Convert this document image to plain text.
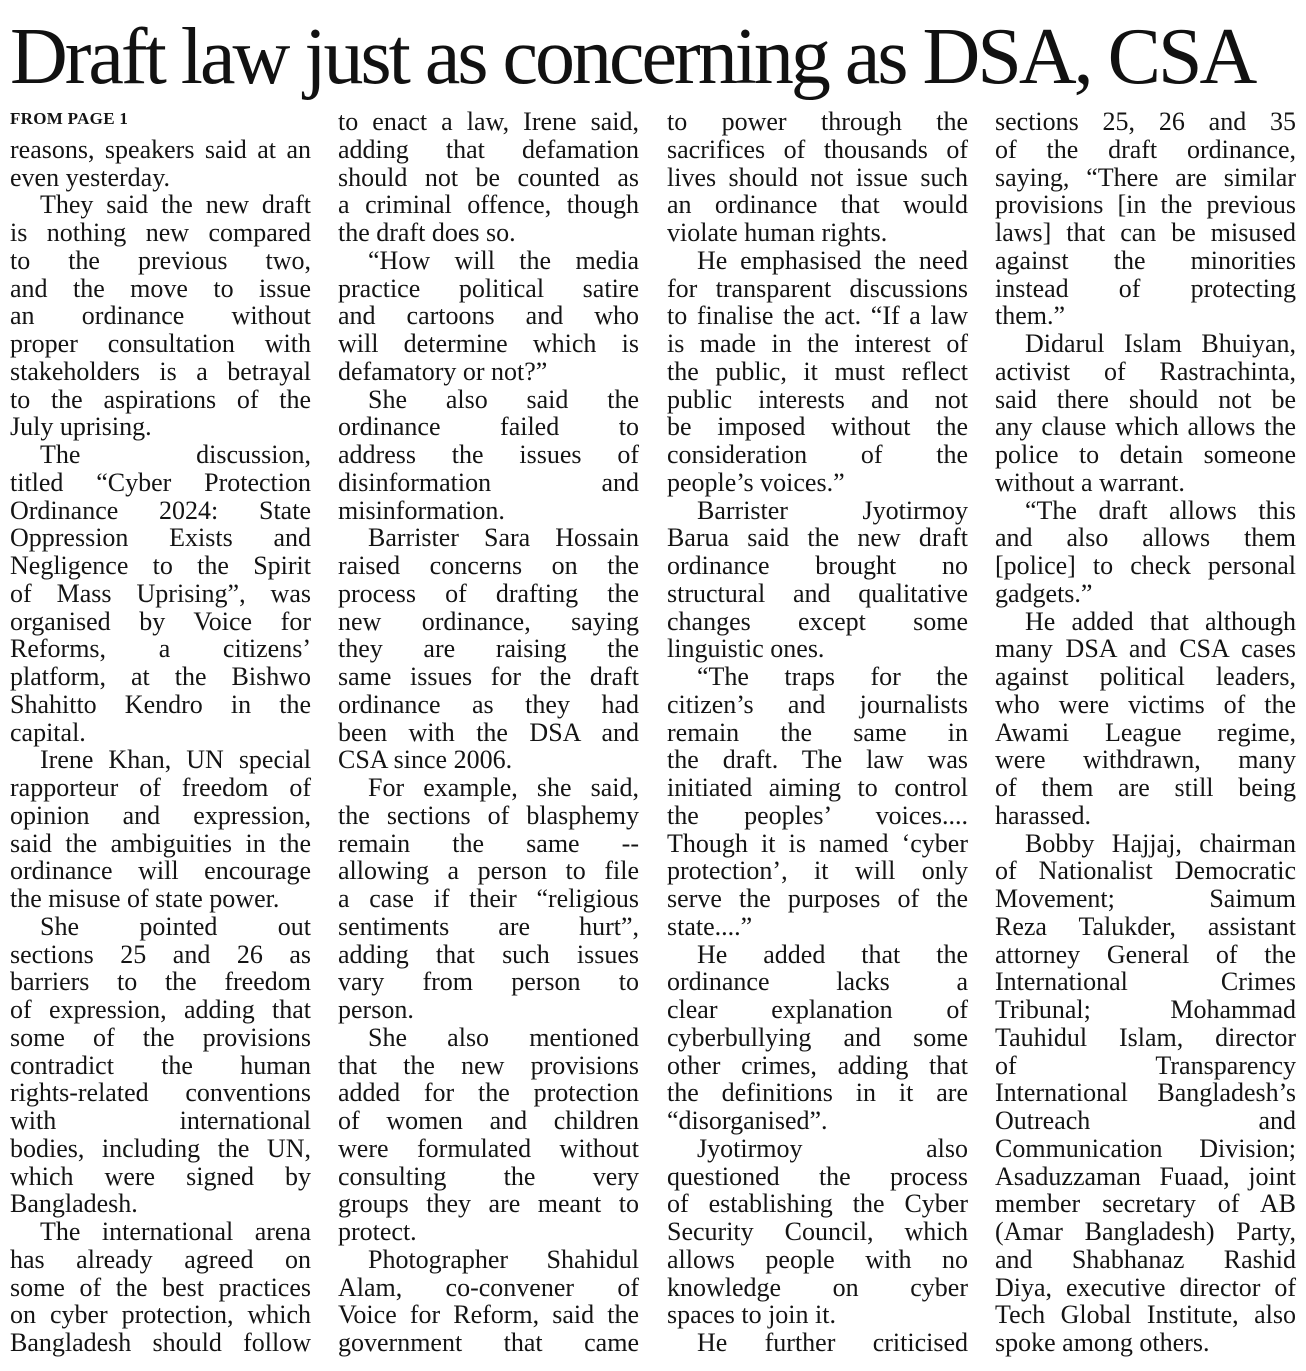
Draft law just as concerning as DSA, CSA
FROM PAGE 1
reasons, speakers said at an
even yesterday.
They said the new draft
is nothing new compared
to the previous two,
and the move to issue
an ordinance without
proper consultation with
stakeholders is a betrayal
to the aspirations of the
July uprising.
The discussion,
titled “Cyber Protection
Ordinance 2024: State
Oppression Exists and
Negligence to the Spirit
of Mass Uprising”, was
organised by Voice for
Reforms, a citizens’
platform, at the Bishwo
Shahitto Kendro in the
capital.
Irene Khan, UN special
rapporteur of freedom of
opinion and expression,
said the ambiguities in the
ordinance will encourage
the misuse of state power.
She pointed out
sections 25 and 26 as
barriers to the freedom
of expression, adding that
some of the provisions
contradict the human
rights-related conventions
with international
bodies, including the UN,
which were signed by
Bangladesh.
The international arena
has already agreed on
some of the best practices
on cyber protection, which
Bangladesh should follow
to enact a law, Irene said,
adding that defamation
should not be counted as
a criminal offence, though
the draft does so.
“How will the media
practice political satire
and cartoons and who
will determine which is
defamatory or not?”
She also said the
ordinance failed to
address the issues of
disinformation and
misinformation.
Barrister Sara Hossain
raised concerns on the
process of drafting the
new ordinance, saying
they are raising the
same issues for the draft
ordinance as they had
been with the DSA and
CSA since 2006.
For example, she said,
the sections of blasphemy
remain the same --
allowing a person to file
a case if their “religious
sentiments are hurt”,
adding that such issues
vary from person to
person.
She also mentioned
that the new provisions
added for the protection
of women and children
were formulated without
consulting the very
groups they are meant to
protect.
Photographer Shahidul
Alam, co-convener of
Voice for Reform, said the
government that came
to power through the
sacrifices of thousands of
lives should not issue such
an ordinance that would
violate human rights.
He emphasised the need
for transparent discussions
to finalise the act. “If a law
is made in the interest of
the public, it must reflect
public interests and not
be imposed without the
consideration of the
people’s voices.”
Barrister Jyotirmoy
Barua said the new draft
ordinance brought no
structural and qualitative
changes except some
linguistic ones.
“The traps for the
citizen’s and journalists
remain the same in
the draft. The law was
initiated aiming to control
the peoples’ voices....
Though it is named ‘cyber
protection’, it will only
serve the purposes of the
state....”
He added that the
ordinance lacks a
clear explanation of
cyberbullying and some
other crimes, adding that
the definitions in it are
“disorganised”.
Jyotirmoy also
questioned the process
of establishing the Cyber
Security Council, which
allows people with no
knowledge on cyber
spaces to join it.
He further criticised
sections 25, 26 and 35
of the draft ordinance,
saying, “There are similar
provisions [in the previous
laws] that can be misused
against the minorities
instead of protecting
them.”
Didarul Islam Bhuiyan,
activist of Rastrachinta,
said there should not be
any clause which allows the
police to detain someone
without a warrant.
“The draft allows this
and also allows them
[police] to check personal
gadgets.”
He added that although
many DSA and CSA cases
against political leaders,
who were victims of the
Awami League regime,
were withdrawn, many
of them are still being
harassed.
Bobby Hajjaj, chairman
of Nationalist Democratic
Movement; Saimum
Reza Talukder, assistant
attorney General of the
International Crimes
Tribunal; Mohammad
Tauhidul Islam, director
of Transparency
International Bangladesh’s
Outreach and
Communication Division;
Asaduzzaman Fuaad, joint
member secretary of AB
(Amar Bangladesh) Party,
and Shabhanaz Rashid
Diya, executive director of
Tech Global Institute, also
spoke among others.
